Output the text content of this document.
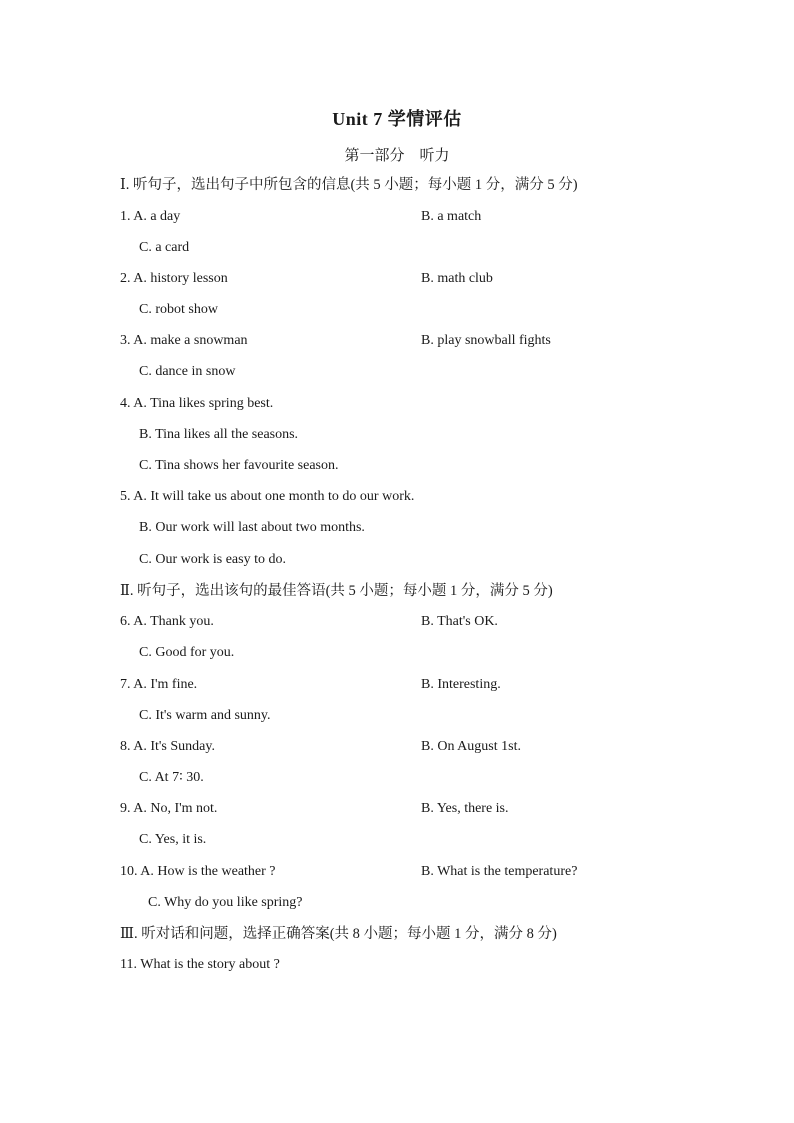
Unit 7 学情评估
第一部分　听力
Ⅰ. 听句子，选出句子中所包含的信息(共 5 小题；每小题 1 分，满分 5 分)
1. A. a day	B. a match
C. a card
2. A. history lesson	B. math club
C. robot show
3. A. make a snowman	B. play snowball fights
C. dance in snow
4. A. Tina likes spring best.
B. Tina likes all the seasons.
C. Tina shows her favourite season.
5. A. It will take us about one month to do our work.
B. Our work will last about two months.
C. Our work is easy to do.
Ⅱ. 听句子，选出该句的最佳答语(共 5 小题；每小题 1 分，满分 5 分)
6. A. Thank you.	B. That's OK.
C. Good for you.
7. A. I'm fine.	B. Interesting.
C. It's warm and sunny.
8. A. It's Sunday.	B. On August 1st.
C. At 7∶ 30.
9. A. No, I'm not.	B. Yes, there is.
C. Yes, it is.
10. A. How is the weather ?	B. What is the temperature?
C. Why do you like spring?
Ⅲ. 听对话和问题，选择正确答案(共 8 小题；每小题 1 分，满分 8 分)
11. What is the story about ?
